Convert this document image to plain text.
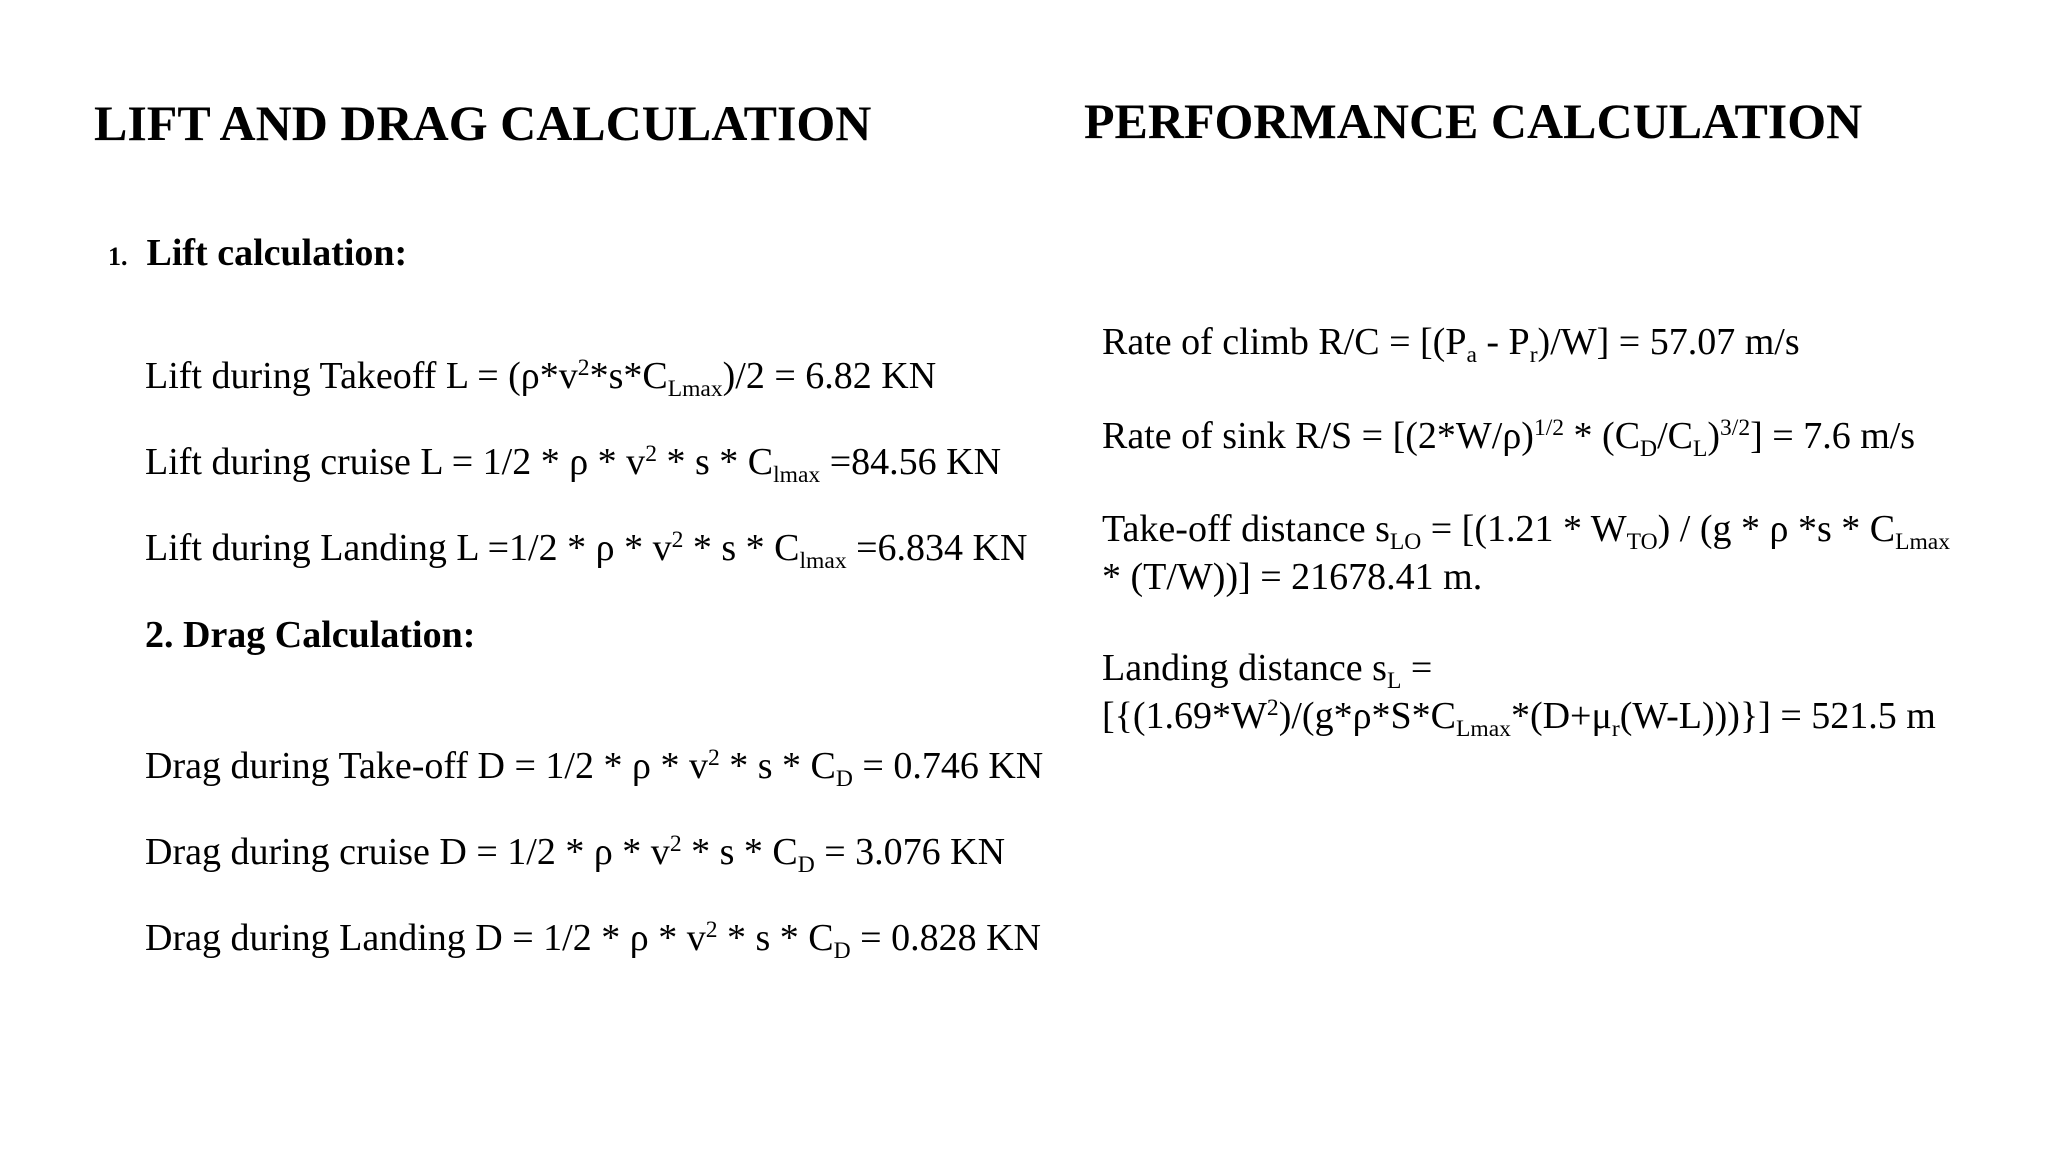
LIFT AND DRAG CALCULATION
1. Lift calculation:
Lift during Takeoff $L = (\rho*v^2*s*C_{Lmax})/2 = 6.82$ KN
Lift during cruise $L = 1/2 * \rho * v^2 * s * C_{lmax} =84.56$ KN
Lift during Landing $L =1/2 * \rho * v^2 * s * C_{lmax} =6.834$ KN
2. Drag Calculation:
Drag during Take-off $D = 1/2 * \rho * v^2 * s * C_D = 0.746$ KN
Drag during cruise $D = 1/2 * \rho * v^2 * s * C_D = 3.076$ KN
Drag during Landing $D = 1/2 * \rho * v^2 * s * C_D = 0.828$ KN
PERFORMANCE CALCULATION
Rate of climb $R/C = [(P_a - P_r)/W] = 57.07$ m/s
Rate of sink $R/S = [(2*W/\rho)^{1/2} * (C_D/C_L)^{3/2}] = 7.6$ m/s
Take-off distance $s_{LO} = [(1.21 * W_{TO}) / (g * \rho$ $*s * C_{Lmax}$
* (T/W))] = 21678.41 m.
Landing distance $s_L$ =
$[\{(1.69*W^2)/(g*\rho*S*C_{Lmax}*(D+\mu_r(W-L)))\}] = 521.5$ m
